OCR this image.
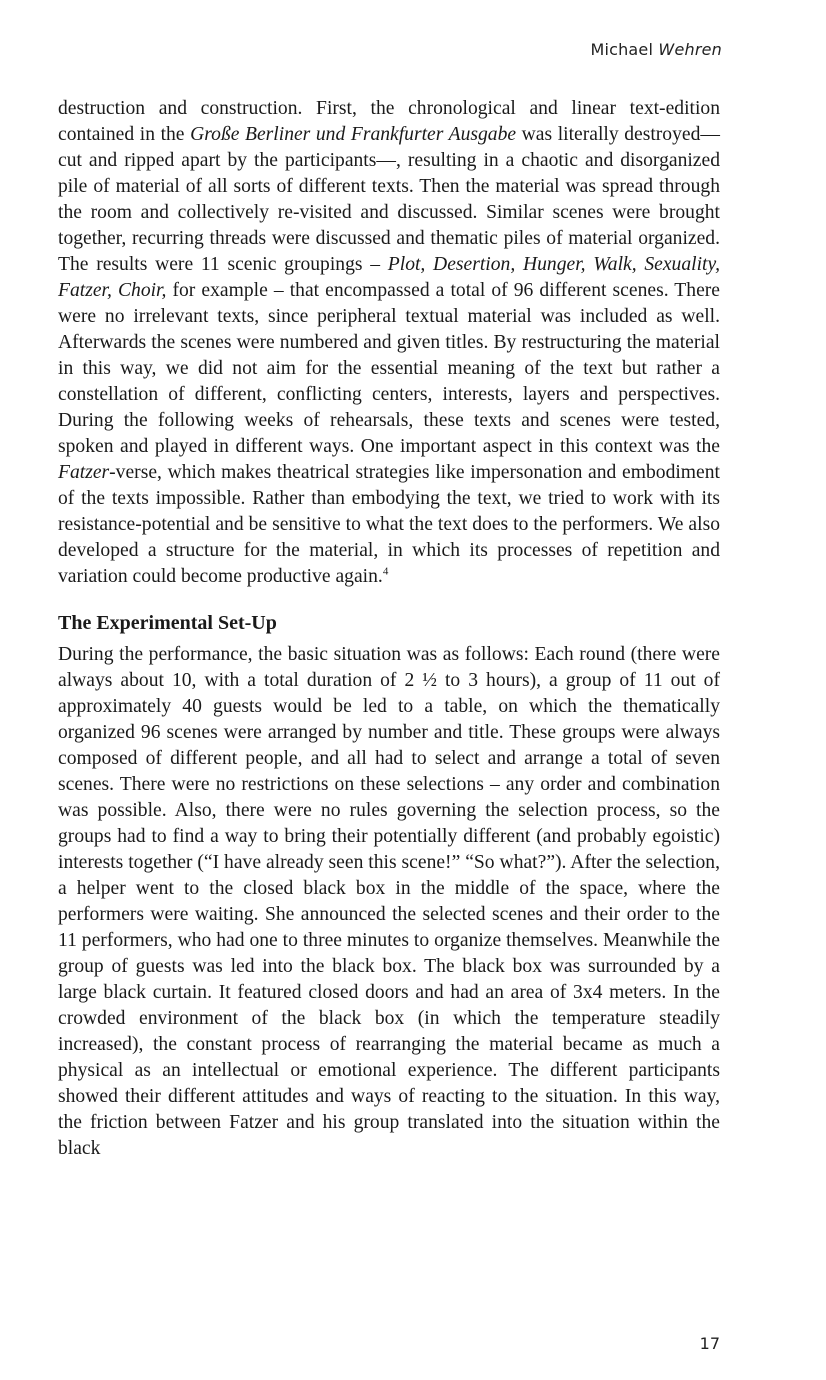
Michael Wehren

destruction and construction. First, the chronological and linear text-edition contained in the Große Berliner und Frankfurter Ausgabe was literally destroyed—cut and ripped apart by the participants—, resulting in a chaotic and disorganized pile of material of all sorts of different texts. Then the material was spread through the room and collectively re-visited and discussed. Similar scenes were brought together, recurring threads were discussed and thematic piles of material organized. The results were 11 scenic groupings – Plot, Desertion, Hunger, Walk, Sexuality, Fatzer, Choir, for example – that encompassed a total of 96 different scenes. There were no irrelevant texts, since peripheral textual material was included as well. Afterwards the scenes were numbered and given titles. By restructuring the material in this way, we did not aim for the essential meaning of the text but rather a constellation of different, conflicting centers, interests, layers and perspectives. During the following weeks of rehearsals, these texts and scenes were tested, spoken and played in different ways. One important aspect in this context was the Fatzer-verse, which makes theatrical strategies like impersonation and embodiment of the texts impossible. Rather than embodying the text, we tried to work with its resistance-potential and be sensitive to what the text does to the performers. We also developed a structure for the material, in which its processes of repetition and variation could become productive again.$^4$

The Experimental Set-Up

During the performance, the basic situation was as follows: Each round (there were always about 10, with a total duration of 2 ½ to 3 hours), a group of 11 out of approximately 40 guests would be led to a table, on which the thematically organized 96 scenes were arranged by number and title. These groups were always composed of different people, and all had to select and arrange a total of seven scenes. There were no restrictions on these selections – any order and combination was possible. Also, there were no rules governing the selection process, so the groups had to find a way to bring their potentially different (and probably egoistic) interests together (“I have already seen this scene!” “So what?”). After the selection, a helper went to the closed black box in the middle of the space, where the performers were waiting. She announced the selected scenes and their order to the 11 performers, who had one to three minutes to organize themselves. Meanwhile the group of guests was led into the black box. The black box was surrounded by a large black curtain. It featured closed doors and had an area of 3x4 meters. In the crowded environment of the black box (in which the temperature steadily increased), the constant process of rearranging the material became as much a physical as an intellectual or emotional experience. The different participants showed their different attitudes and ways of reacting to the situation. In this way, the friction between Fatzer and his group translated into the situation within the black

17
